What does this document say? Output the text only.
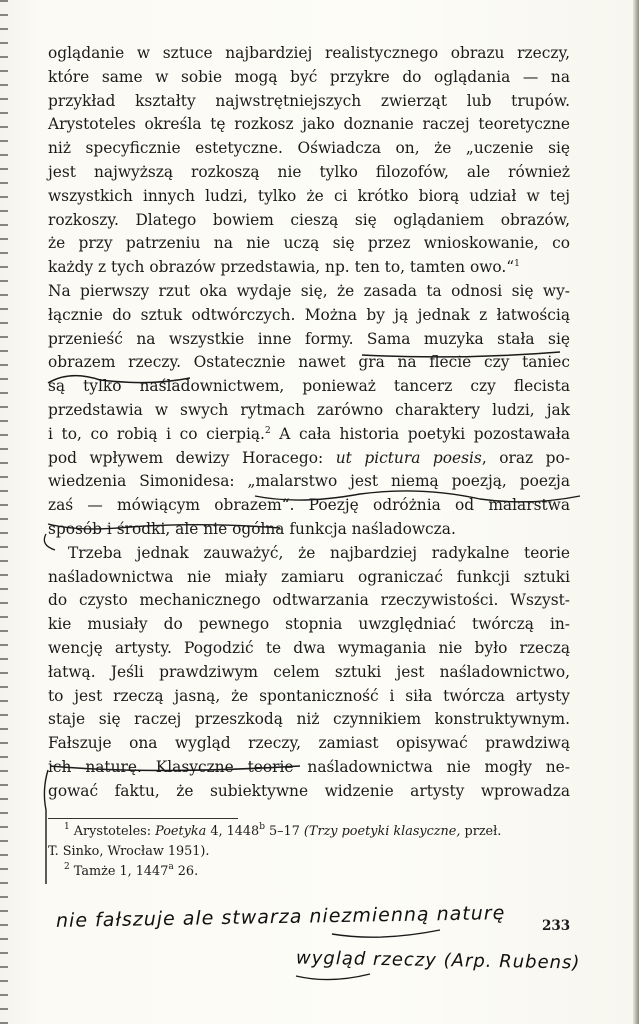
oglądanie w sztuce najbardziej realistycznego obrazu rzeczy,
które same w sobie mogą być przykre do oglądania — na
przykład kształty najwstrętniejszych zwierząt lub trupów.
Arystoteles określa tę rozkosz jako doznanie raczej teoretyczne
niż specyficznie estetyczne. Oświadcza on, że „uczenie się
jest najwyższą rozkoszą nie tylko filozofów, ale również
wszystkich innych ludzi, tylko że ci krótko biorą udział w tej
rozkoszy. Dlatego bowiem cieszą się oglądaniem obrazów,
że przy patrzeniu na nie uczą się przez wnioskowanie, co
każdy z tych obrazów przedstawia, np. ten to, tamten owo.“$^1$
Na pierwszy rzut oka wydaje się, że zasada ta odnosi się wy-
łącznie do sztuk odtwórczych. Można by ją jednak z łatwością
przenieść na wszystkie inne formy. Sama muzyka stała się
obrazem rzeczy. Ostatecznie nawet gra na flecie czy taniec
są tylko naśladownictwem, ponieważ tancerz czy flecista
przedstawia w swych rytmach zarówno charaktery ludzi, jak
i to, co robią i co cierpią.$^2$ A cała historia poetyki pozostawała
pod wpływem dewizy Horacego: ut pictura poesis, oraz po-
wiedzenia Simonidesa: „malarstwo jest niemą poezją, poezja
zaś — mówiącym obrazem“. Poezję odróżnia od malarstwa
sposób i środki, ale nie ogólna funkcja naśladowcza.
Trzeba jednak zauważyć, że najbardziej radykalne teorie
naśladownictwa nie miały zamiaru ograniczać funkcji sztuki
do czysto mechanicznego odtwarzania rzeczywistości. Wszyst-
kie musiały do pewnego stopnia uwzględniać twórczą in-
wencję artysty. Pogodzić te dwa wymagania nie było rzeczą
łatwą. Jeśli prawdziwym celem sztuki jest naśladownictwo,
to jest rzeczą jasną, że spontaniczność i siła twórcza artysty
staje się raczej przeszkodą niż czynnikiem konstruktywnym.
Fałszuje ona wygląd rzeczy, zamiast opisywać prawdziwą
ich naturę. Klasyczne teorie naśladownictwa nie mogły ne-
gować faktu, że subiektywne widzenie artysty wprowadza
$^1$ Arystoteles: Poetyka 4, 1448$^b$ 5–17 (Trzy poetyki klasyczne, przeł.
T. Sinko, Wrocław 1951).
$^2$ Tamże 1, 1447$^a$ 26.
233
nie fałszuje ale stwarza niezmienną naturę
wygląd rzeczy (Arp. Rubens)
